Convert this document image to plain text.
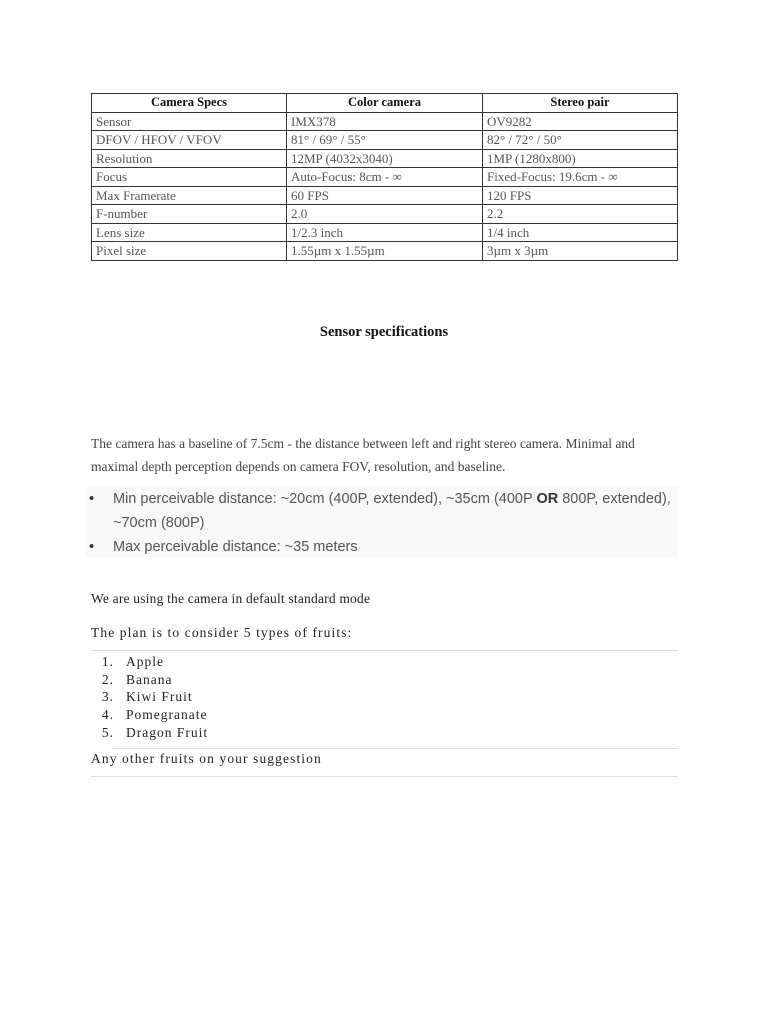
Camera Specs	Color camera	Stereo pair
Sensor	IMX378	OV9282
DFOV / HFOV / VFOV	81° / 69° / 55°	82° / 72° / 50°
Resolution	12MP (4032x3040)	1MP (1280x800)
Focus	Auto-Focus: 8cm - ∞	Fixed-Focus: 19.6cm - ∞
Max Framerate	60 FPS	120 FPS
F-number	2.0	2.2
Lens size	1/2.3 inch	1/4 inch
Pixel size	1.55µm x 1.55µm	3µm x 3µm
Sensor specifications
The camera has a baseline of 7.5cm - the distance between left and right stereo camera. Minimal and maximal depth perception depends on camera FOV, resolution, and baseline.
• Min perceivable distance: ~20cm (400P, extended), ~35cm (400P OR 800P, extended), ~70cm (800P)
• Max perceivable distance: ~35 meters
We are using the camera in default standard mode
The plan is to consider 5 types of fruits:
1. Apple
2. Banana
3. Kiwi Fruit
4. Pomegranate
5. Dragon Fruit
Any other fruits on your suggestion
